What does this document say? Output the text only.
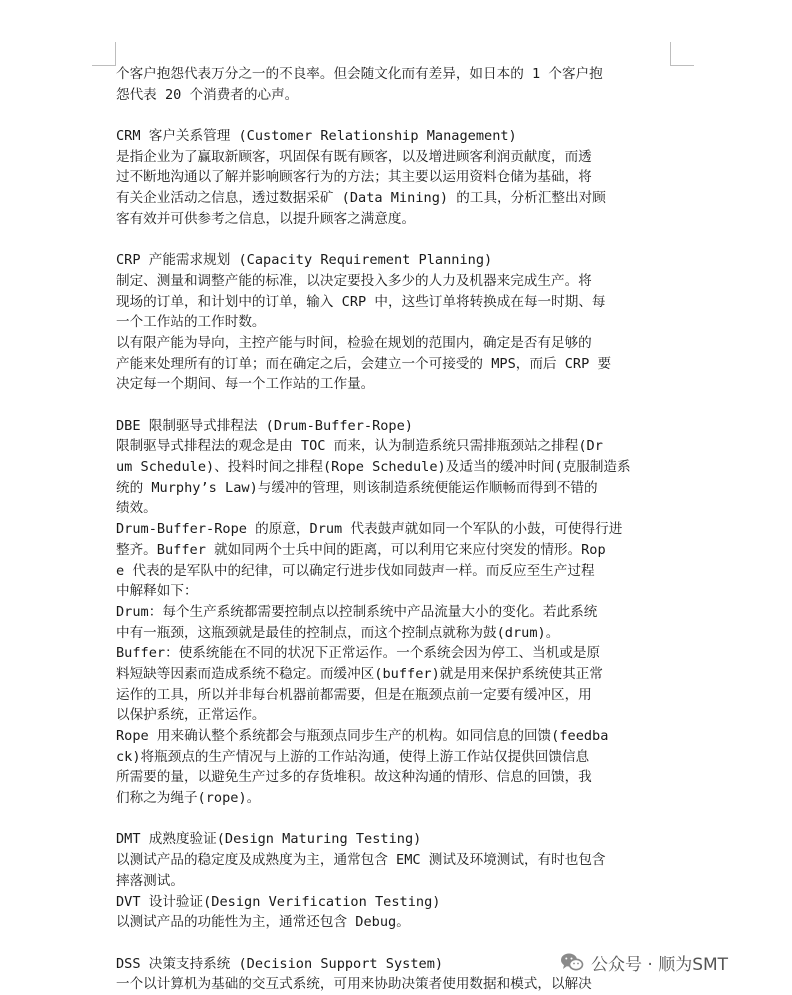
个客户抱怨代表万分之一的不良率。但会随文化而有差异，如日本的 1 个客户抱
怨代表 20 个消费者的心声。
CRM 客户关系管理 (Customer Relationship Management)
是指企业为了赢取新顾客，巩固保有既有顾客，以及增进顾客利润贡献度，而透
过不断地沟通以了解并影响顾客行为的方法；其主要以运用资料仓储为基础，将
有关企业活动之信息，透过数据采矿 (Data Mining) 的工具，分析汇整出对顾
客有效并可供参考之信息，以提升顾客之满意度。
CRP 产能需求规划 (Capacity Requirement Planning)
制定、测量和调整产能的标准，以决定要投入多少的人力及机器来完成生产。将
现场的订单，和计划中的订单，输入 CRP 中，这些订单将转换成在每一时期、每
一个工作站的工作时数。
以有限产能为导向，主控产能与时间，检验在规划的范围内，确定是否有足够的
产能来处理所有的订单；而在确定之后，会建立一个可接受的 MPS，而后 CRP 要
决定每一个期间、每一个工作站的工作量。
DBE 限制驱导式排程法 (Drum-Buffer-Rope)
限制驱导式排程法的观念是由 TOC 而来，认为制造系统只需排瓶颈站之排程(Dr
um Schedule)、投料时间之排程(Rope Schedule)及适当的缓冲时间(克服制造系
统的 Murphy’s Law)与缓冲的管理，则该制造系统便能运作顺畅而得到不错的
绩效。
Drum-Buffer-Rope 的原意，Drum 代表鼓声就如同一个军队的小鼓，可使得行进
整齐。Buffer 就如同两个士兵中间的距离，可以利用它来应付突发的情形。Rop
e 代表的是军队中的纪律，可以确定行进步伐如同鼓声一样。而反应至生产过程
中解释如下：
Drum：每个生产系统都需要控制点以控制系统中产品流量大小的变化。若此系统
中有一瓶颈，这瓶颈就是最佳的控制点，而这个控制点就称为鼓(drum)。
Buffer：使系统能在不同的状况下正常运作。一个系统会因为停工、当机或是原
料短缺等因素而造成系统不稳定。而缓冲区(buffer)就是用来保护系统使其正常
运作的工具，所以并非每台机器前都需要，但是在瓶颈点前一定要有缓冲区，用
以保护系统，正常运作。
Rope 用来确认整个系统都会与瓶颈点同步生产的机构。如同信息的回馈(feedba
ck)将瓶颈点的生产情况与上游的工作站沟通，使得上游工作站仅提供回馈信息
所需要的量，以避免生产过多的存货堆积。故这种沟通的情形、信息的回馈，我
们称之为绳子(rope)。
DMT 成熟度验证(Design Maturing Testing)
以测试产品的稳定度及成熟度为主，通常包含 EMC 测试及环境测试，有时也包含
摔落测试。
DVT 设计验证(Design Verification Testing)
以测试产品的功能性为主，通常还包含 Debug。
DSS 决策支持系统 (Decision Support System)
一个以计算机为基础的交互式系统，可用来协助决策者使用数据和模式，以解决
公众号 · 顺为SMT
